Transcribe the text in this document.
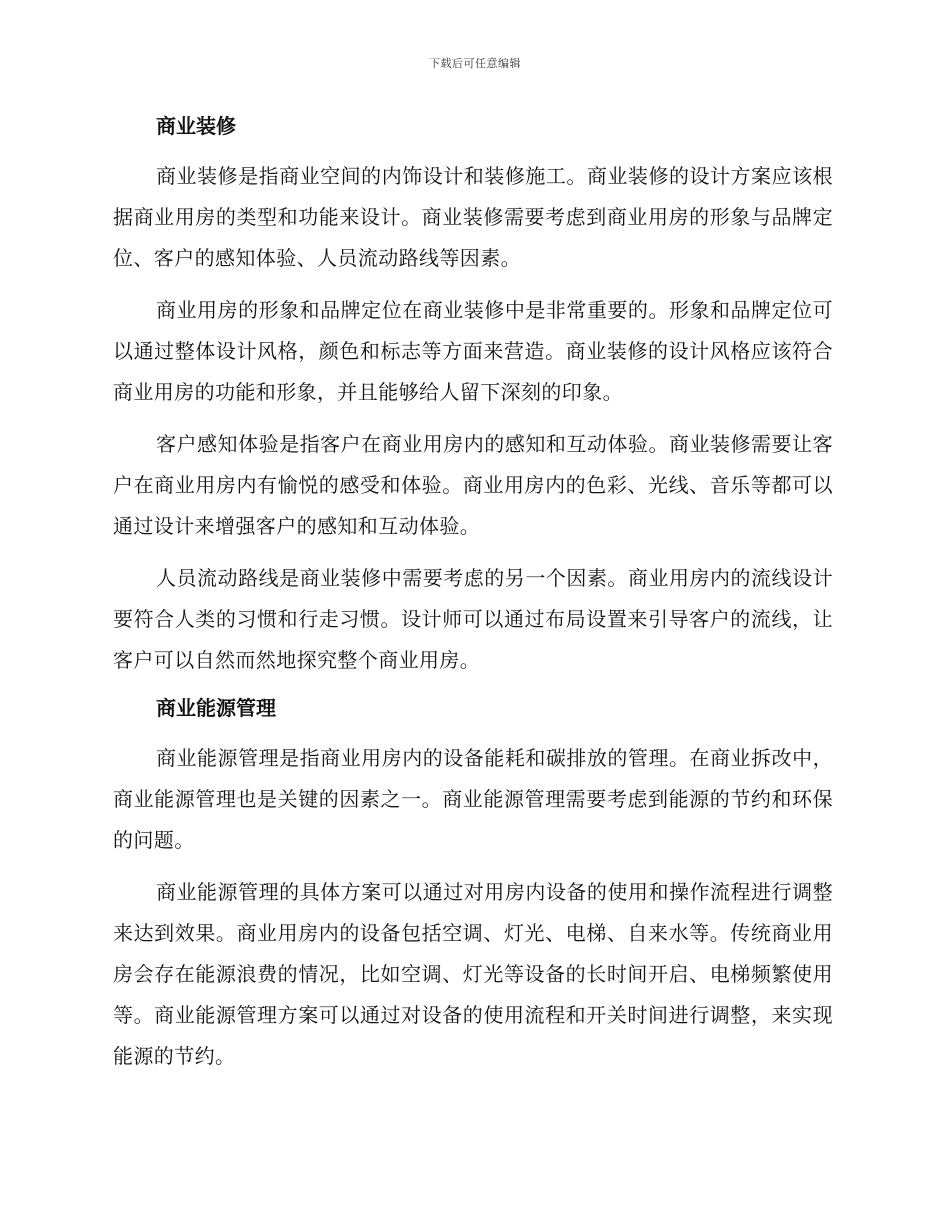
下载后可任意编辑
商业装修

商业装修是指商业空间的内饰设计和装修施工。商业装修的设计方案应该根据商业用房的类型和功能来设计。商业装修需要考虑到商业用房的形象与品牌定位、客户的感知体验、人员流动路线等因素。

商业用房的形象和品牌定位在商业装修中是非常重要的。形象和品牌定位可以通过整体设计风格，颜色和标志等方面来营造。商业装修的设计风格应该符合商业用房的功能和形象，并且能够给人留下深刻的印象。

客户感知体验是指客户在商业用房内的感知和互动体验。商业装修需要让客户在商业用房内有愉悦的感受和体验。商业用房内的色彩、光线、音乐等都可以通过设计来增强客户的感知和互动体验。

人员流动路线是商业装修中需要考虑的另一个因素。商业用房内的流线设计要符合人类的习惯和行走习惯。设计师可以通过布局设置来引导客户的流线，让客户可以自然而然地探究整个商业用房。

商业能源管理

商业能源管理是指商业用房内的设备能耗和碳排放的管理。在商业拆改中，商业能源管理也是关键的因素之一。商业能源管理需要考虑到能源的节约和环保的问题。

商业能源管理的具体方案可以通过对用房内设备的使用和操作流程进行调整来达到效果。商业用房内的设备包括空调、灯光、电梯、自来水等。传统商业用房会存在能源浪费的情况，比如空调、灯光等设备的长时间开启、电梯频繁使用等。商业能源管理方案可以通过对设备的使用流程和开关时间进行调整，来实现能源的节约。
